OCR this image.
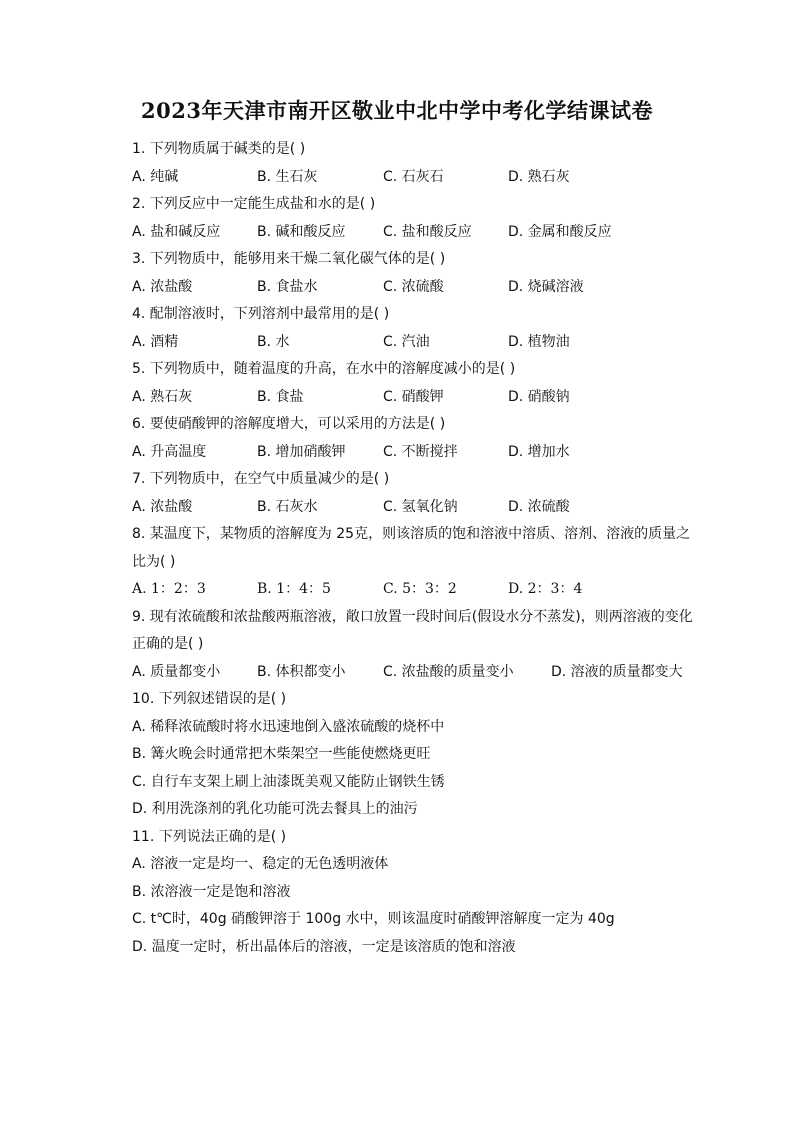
2023年天津市南开区敬业中北中学中考化学结课试卷
1. 下列物质属于碱类的是( )
A. 纯碱	B. 生石灰	C. 石灰石	D. 熟石灰
2. 下列反应中一定能生成盐和水的是( )
A. 盐和碱反应	B. 碱和酸反应	C. 盐和酸反应	D. 金属和酸反应
3. 下列物质中，能够用来干燥二氧化碳气体的是( )
A. 浓盐酸	B. 食盐水	C. 浓硫酸	D. 烧碱溶液
4. 配制溶液时，下列溶剂中最常用的是( )
A. 酒精	B. 水	C. 汽油	D. 植物油
5. 下列物质中，随着温度的升高，在水中的溶解度减小的是( )
A. 熟石灰	B. 食盐	C. 硝酸钾	D. 硝酸钠
6. 要使硝酸钾的溶解度增大，可以采用的方法是( )
A. 升高温度	B. 增加硝酸钾	C. 不断搅拌	D. 增加水
7. 下列物质中，在空气中质量减少的是( )
A. 浓盐酸	B. 石灰水	C. 氢氧化钠	D. 浓硫酸
8. 某温度下，某物质的溶解度为 25克，则该溶质的饱和溶液中溶质、溶剂、溶液的质量之
比为( )
A. 1：2：3	B. 1：4：5	C. 5：3：2	D. 2：3：4
9. 现有浓硫酸和浓盐酸两瓶溶液，敞口放置一段时间后(假设水分不蒸发)，则两溶液的变化
正确的是( )
A. 质量都变小	B. 体积都变小	C. 浓盐酸的质量变小	D. 溶液的质量都变大
10. 下列叙述错误的是( )
A. 稀释浓硫酸时将水迅速地倒入盛浓硫酸的烧杯中
B. 篝火晚会时通常把木柴架空一些能使燃烧更旺
C. 自行车支架上刷上油漆既美观又能防止钢铁生锈
D. 利用洗涤剂的乳化功能可洗去餐具上的油污
11. 下列说法正确的是( )
A. 溶液一定是均一、稳定的无色透明液体
B. 浓溶液一定是饱和溶液
C. t℃时，40g 硝酸钾溶于 100g 水中，则该温度时硝酸钾溶解度一定为 40g
D. 温度一定时，析出晶体后的溶液，一定是该溶质的饱和溶液
